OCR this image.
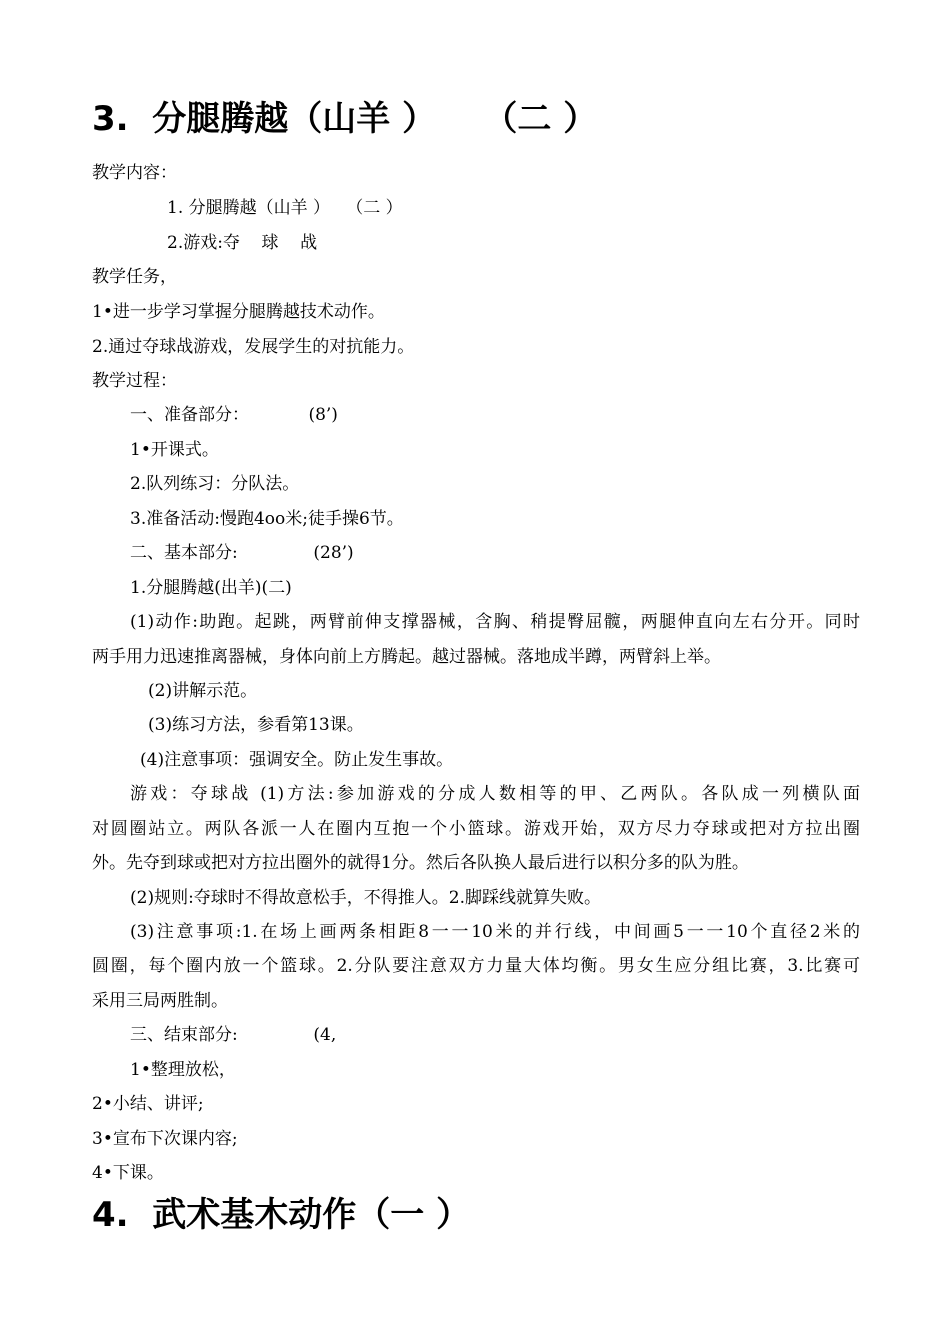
3.  分腿腾越（山羊 ）    （二 ）
教学内容：
1. 分腿腾越（山羊 ）   （二 ）
2.游戏:夺    球    战
教学任务，
1•进一步学习掌握分腿腾越技术动作。
2.通过夺球战游戏，发展学生的对抗能力。
教学过程：
一、准备部分：           (8’)
1•开课式。
2.队列练习：分队法。
3.准备活动:慢跑4oo米;徒手操6节。
二、基本部分:              (28’)
1.分腿腾越(出羊)(二)
(1)动作:助跑。起跳，两臂前伸支撑器械，含胸、稍提臀屈髋，两腿伸直向左右分开。同时
两手用力迅速推离器械，身体向前上方腾起。越过器械。落地成半蹲，两臂斜上举。
(2)讲解示范。
(3)练习方法，参看第13课。
(4)注意事项：强调安全。防止发生事故。
游戏：夺球战 (1)方法:参加游戏的分成人数相等的甲、乙两队。各队成一列横队面
对圆圈站立。两队各派一人在圈内互抱一个小篮球。游戏开始，双方尽力夺球或把对方拉出圈
外。先夺到球或把对方拉出圈外的就得1分。然后各队换人最后进行以积分多的队为胜。
(2)规则:夺球时不得故意松手，不得推人。2.脚踩线就算失败。
(3)注意事项:1.在场上画两条相距8一一10米的并行线，中间画5一一10个直径2米的
圆圈，每个圈内放一个篮球。2.分队要注意双方力量大体均衡。男女生应分组比赛，3.比赛可
采用三局两胜制。
三、结束部分:              (4,
1•整理放松，
2•小结、讲评;
3•宣布下次课内容;
4•下课。
4.  武术基木动作（一 ）
